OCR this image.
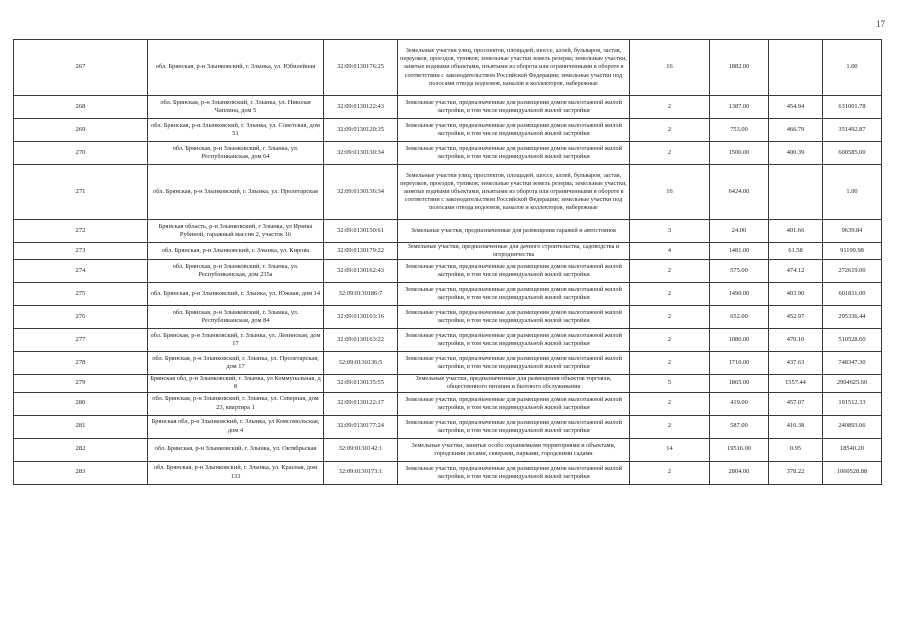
17
267	обл. Брянская, р-н Злынковский, г. Злынка, ул. Юбилейная	32:09:0130176:25	Земельные участки улиц, проспектов, площадей, шоссе, аллей, бульваров, застав, переулков, проездов, тупиков; земельные участки земель резерва; земельные участки, занятые водными объектами, изъятыми из оборота или ограниченными в обороте в соответствии с законодательством Российской Федерации; земельные участки под полосами отвода водоемов, каналов и коллекторов, набережные	16	1882.00		1.00
268	обл. Брянская, р-н Злынковский, г. Злынка, ул. Николая Чаплина, дом 5	32:09:0130122:43	Земельные участки, предназначенные для размещения домов малоэтажной жилой застройки, в том числе индивидуальной жилой застройки	2	1387.00	454.94	631001.78
269	обл. Брянская, р-н Злынковский, г. Злынка, ул. Советская, дом 51	32:09:0130120:35	Земельные участки, предназначенные для размещения домов малоэтажной жилой застройки, в том числе индивидуальной жилой застройки	2	753.00	466.79	351492.87
270	обл. Брянская, р-н Злынковский, г. Злынка, ул. Республиканская, дом 64	32:09:0130130:34	Земельные участки, предназначенные для размещения домов малоэтажной жилой застройки, в том числе индивидуальной жилой застройки	2	1500.00	400.39	600585.00
271	обл. Брянская, р-н Злынковский, г. Злынка, ул. Пролетарская	32:09:0130136:34	Земельные участки улиц, проспектов, площадей, шоссе, аллей, бульваров, застав, переулков, проездов, тупиков; земельные участки земель резерва; земельные участки, занятые водными объектами, изъятыми из оборота или ограниченными в обороте в соответствии с законодательством Российской Федерации; земельные участки под полосами отвода водоемов, каналов и коллекторов, набережные	16	6424.00		1.00
272	Брянская область, р-н Злынковский, г Злынка, ул Ирины Рубиной, гаражный массив 2, участок 16	32:09:0130150:61	Земельные участки, предназначенные для размещения гаражей и автостоянок	3	24.00	401.66	9639.84
273	обл. Брянская, р-н Злынковский, г. Злынка, ул. Кирова	32:09:0130179:22	Земельные участки, предназначенные для дачного строительства, садоводства и огородничества	4	1481.00	61.58	91199.98
274	обл. Брянская, р-н Злынковский, г. Злынка, ул. Республиканская, дом 235а	32:09:0130162:43	Земельные участки, предназначенные для размещения домов малоэтажной жилой застройки, в том числе индивидуальной жилой застройки	2	575.00	474.12	272619.00
275	обл. Брянская, р-н Злынковский, г. Злынка, ул. Южная, дом 14	32:09:0130186:7	Земельные участки, предназначенные для размещения домов малоэтажной жилой застройки, в том числе индивидуальной жилой застройки	2	1490.00	403.90	601811.00
276	обл. Брянская, р-н Злынковский, г. Злынка, ул. Республиканская, дом 84	32:09:0130103:16	Земельные участки, предназначенные для размещения домов малоэтажной жилой застройки, в том числе индивидуальной жилой застройки	2	652.00	452.97	295336.44
277	обл. Брянская, р-н Злынковский, г. Злынка, ул. Ленинская, дом 17	32:09:0130163:22	Земельные участки, предназначенные для размещения домов малоэтажной жилой застройки, в том числе индивидуальной жилой застройки	2	1086.00	470.10	510528.60
278	обл. Брянская, р-н Злынковский, г. Злынка, ул. Пролетарская, дом 17	32:09:0130136:5	Земельные участки, предназначенные для размещения домов малоэтажной жилой застройки, в том числе индивидуальной жилой застройки	2	1710.00	437.63	748347.30
279	Брянская обл, р-н Злынковский, г. Злынка, ул Коммунальная, д 8	32:09:0130135:55	Земельные участки, предназначенные для размещения объектов торговли, общественного питания и бытового обслуживания	5	1865.00	1557.44	2904625.60
280	обл. Брянская, р-н Злынковский, г. Злынка, ул. Северная, дом 23, квартира 1	32:09:0130122:17	Земельные участки, предназначенные для размещения домов малоэтажной жилой застройки, в том числе индивидуальной жилой застройки	2	419.00	457.07	191512.33
281	Брянская обл, р-н Злынковский, г. Злынка, ул Комсомольская, дом 4	32:09:0130177:24	Земельные участки, предназначенные для размещения домов малоэтажной жилой застройки, в том числе индивидуальной жилой застройки	2	587.00	410.38	240893.06
282	обл. Брянская, р-н Злынковский, г. Злынка, ул. Октябрьская	32:09:0130142:1	Земельные участки, занятые особо охраняемыми территориями и объектами, городскими лесами, скверами, парками, городскими садами	14	19516.00	0.95	18540.20
283	обл. Брянская, р-н Злынковский, г. Злынка, ул. Красная, дом 133	32:09:0130173:1	Земельные участки, предназначенные для размещения домов малоэтажной жилой застройки, в том числе индивидуальной жилой застройки	2	2804.00	378.22	1060528.88
